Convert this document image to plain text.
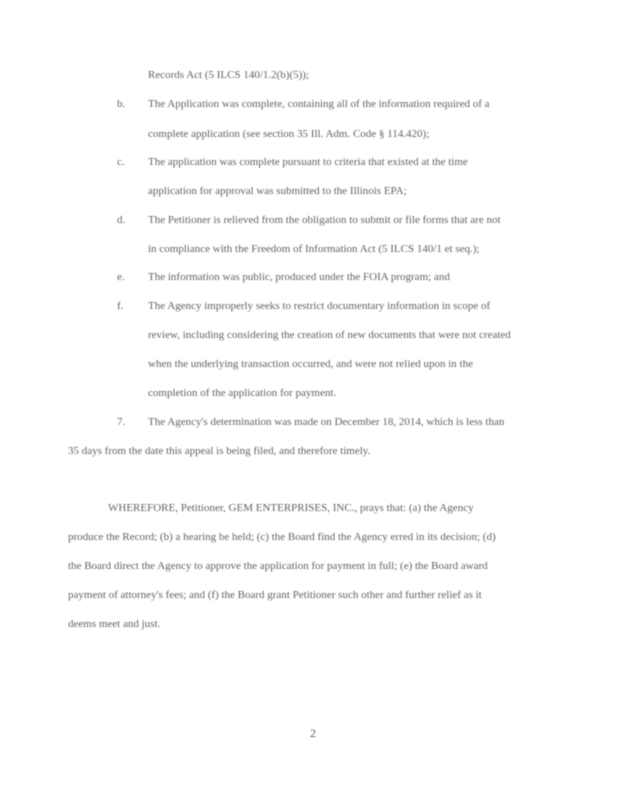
Records Act (5 ILCS 140/1.2(b)(5));
b. The Application was complete, containing all of the information required of a
complete application (see section 35 Ill. Adm. Code § 114.420);
c. The application was complete pursuant to criteria that existed at the time
application for approval was submitted to the Illinois EPA;
d. The Petitioner is relieved from the obligation to submit or file forms that are not
in compliance with the Freedom of Information Act (5 ILCS 140/1 et seq.);
e. The information was public, produced under the FOIA program; and
f. The Agency improperly seeks to restrict documentary information in scope of
review, including considering the creation of new documents that were not created
when the underlying transaction occurred, and were not relied upon in the
completion of the application for payment.
7. The Agency's determination was made on December 18, 2014, which is less than
35 days from the date this appeal is being filed, and therefore timely.
WHEREFORE, Petitioner, GEM ENTERPRISES, INC., prays that: (a) the Agency
produce the Record; (b) a hearing be held; (c) the Board find the Agency erred in its decision; (d)
the Board direct the Agency to approve the application for payment in full; (e) the Board award
payment of attorney's fees; and (f) the Board grant Petitioner such other and further relief as it
deems meet and just.
2
